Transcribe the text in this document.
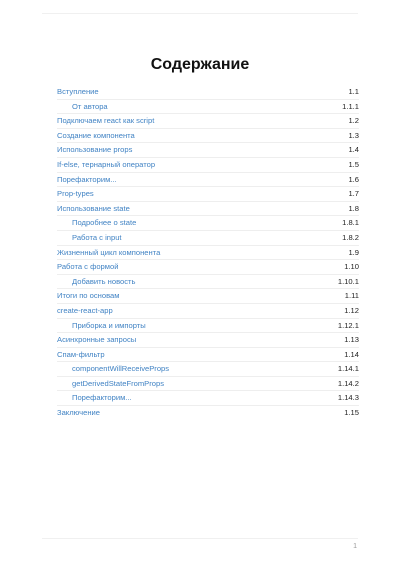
Содержание
Вступление	1.1
От автора	1.1.1
Подключаем react как script	1.2
Создание компонента	1.3
Использование props	1.4
If-else, тернарный оператор	1.5
Порефакторим...	1.6
Prop-types	1.7
Использование state	1.8
Подробнее о state	1.8.1
Работа с input	1.8.2
Жизненный цикл компонента	1.9
Работа с формой	1.10
Добавить новость	1.10.1
Итоги по основам	1.11
create-react-app	1.12
Приборка и импорты	1.12.1
Асинхронные запросы	1.13
Спам-фильтр	1.14
componentWillReceiveProps	1.14.1
getDerivedStateFromProps	1.14.2
Порефакторим...	1.14.3
Заключение	1.15
1
